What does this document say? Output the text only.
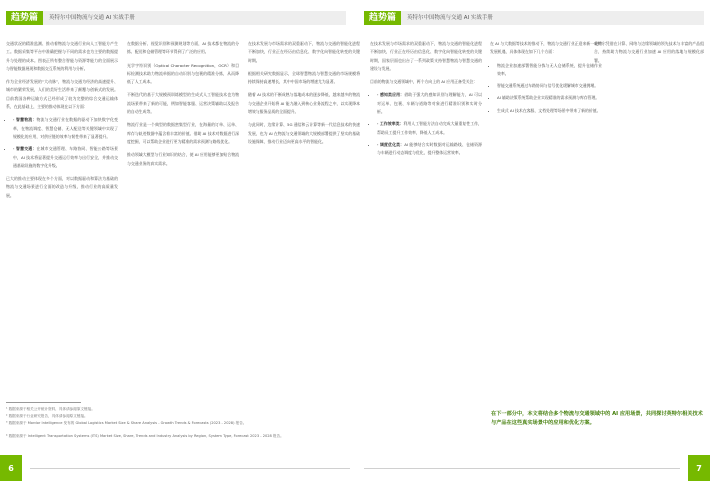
趋势篇	英特尔中国物流与交通 AI 实战手册	趋势篇	英特尔中国物流与交通 AI 实战手册

交通状况的精准监测、推动着物流与交通行业向人工智能方产生工。数据采集等平台中准确把握与不同的需求也为主要的数据提升与处理的成本。图表正所有整合智能与资源等能力的全面展示与智能数据展现和数据交互系统的利用与分析。

作为全业经济发展的“大动脉”，物流与交通为经济的高速提升、城市的繁荣发展，人们的美好生活带来了颠覆与创新式的发展。目前我国各种运输方式已经形成了较为完整的综合交通运输体系，在此基础上，主要的推动体现在以下方面：

• · 智慧物流：物流与交通行业在数据的驱动下加快数字化变革，在物流调度、智慧仓储、无人配送等关键领域中实现了规模化的应用，对供应链的效率与韧性带来了显著提升。
• · 智慧交通：在城市交通管理、车路协同、智能公路等场景中，AI 技术将显著提升交通运行效率与出行安全，并推动交通基础设施的数字化升级。

已大的推动主要体现在多个方面，对以数据驱动和算法为基础的物流与交通场景进行全面的改造与升级，推动行业的高质量发展。

在数据分析、视觉识别和预测规划等方面，AI 技术都在物流的分拣、配送和仓储管理等环节得到了广泛的应用。

光学字符识别（Optical Character Recognition，OCR）和目标检测技术助力物流单据的自动识别与包裹的精准分拣，从而降低了人工成本。

不断迭代的基于大规模预训练模型的生成式人工智能技术也为物流场景带来了新的可能，例如智能客服、运营决策辅助以及报告的自动生成等。

物流行业是一个典型的数据密集型行业，在海量的订单、运单、库存与轨迹数据中蕴含着丰富的价值。借助 AI 技术对数据进行深度挖掘，可以帮助企业进行更为精准的需求预测与路线优化。

推动领域大模型与行业知识的结合，使 AI 应用能够更加贴合物流与交通业务的真实需求。

在技术发展与市场需求的双重驱动下，物流与交通的智能化进程不断加快，行业正在经历由信息化、数字化向智能化转变的关键时期。

根据相关研究数据显示，全球智慧物流与智慧交通的市场规模将持续保持高速增长，其中中国市场的增速尤为显著。

随着 AI 技术的不断成熟与落地成本的逐步降低，越来越多的物流与交通企业开始将 AI 能力融入到核心业务流程之中，以实现降本增效与服务品质的全面提升。

与此同时，边缘计算、5G 通信和云计算等新一代信息技术的快速发展，也为 AI 在物流与交通领域的大规模部署提供了坚实的基础设施保障，推动行业迈向更高水平的智能化。

在技术发展与市场需求的双重驱动下，物流与交通的智能化进程不断加快，行业正在经历由信息化、数字化向智能化转变的关键时期，国家层面也出台了一系列政策支持智慧物流与智慧交通的建设与发展。

目前的物流与交通领域中，两个方向上的 AI 应用正备受关注：

• · 感知类应用：借助于强大的感知识别与理解能力，AI 可以对运单、包裹、车辆与道路等对象进行精准识别和实时分析。
• · 工作效率类：利用人工智能方法自动完成大量重复性工作，帮助员工提升工作效率，降低人工成本。
• · 调度优化类：AI 能够结合实时数据对运输路线、仓储资源与车辆进行动态调度与优化，提升整体运营效率。

在 AI 与大数据等技术的推动下，物流与交通行业正迎来新一轮的发展机遇，具体体现在如下几个方面：

• 物流企业加速部署智能分拣与无人仓储系统，提升仓储作业效率。
• 智能交通系统通过车路协同与信号优化缓解城市交通拥堵。
• AI 辅助决策系统帮助企业实现精准的需求预测与库存管理。
• 生成式 AI 技术在客服、文档处理等场景中带来了新的价值。

英特尔凭借在计算、网络与边缘领域的领先技术与丰富的产品组合，持续助力物流与交通行业加速 AI 应用的落地与规模化部署。

在下一部分中，本文将结合多个物流与交通领域中的 AI 应用场景，共同探讨英特尔相关技术与产品在这些真实场景中的应用和优化方案。
¹ 数据来源于相关公开统计资料，具体请参阅原文链接。
² 数据来源于行业研究报告，具体请参阅原文链接。
³ 数据来源于 Mordor Intelligence 发布的 Global Logistics Market Size & Share Analysis - Growth Trends & Forecasts (2023 - 2028) 报告。
⁴ 数据来源于 Intelligent Transportation Systems (ITS) Market Size, Share, Trends and Industry Analysis by Region, System Type, Forecast 2023 - 2028 报告。
6	7
